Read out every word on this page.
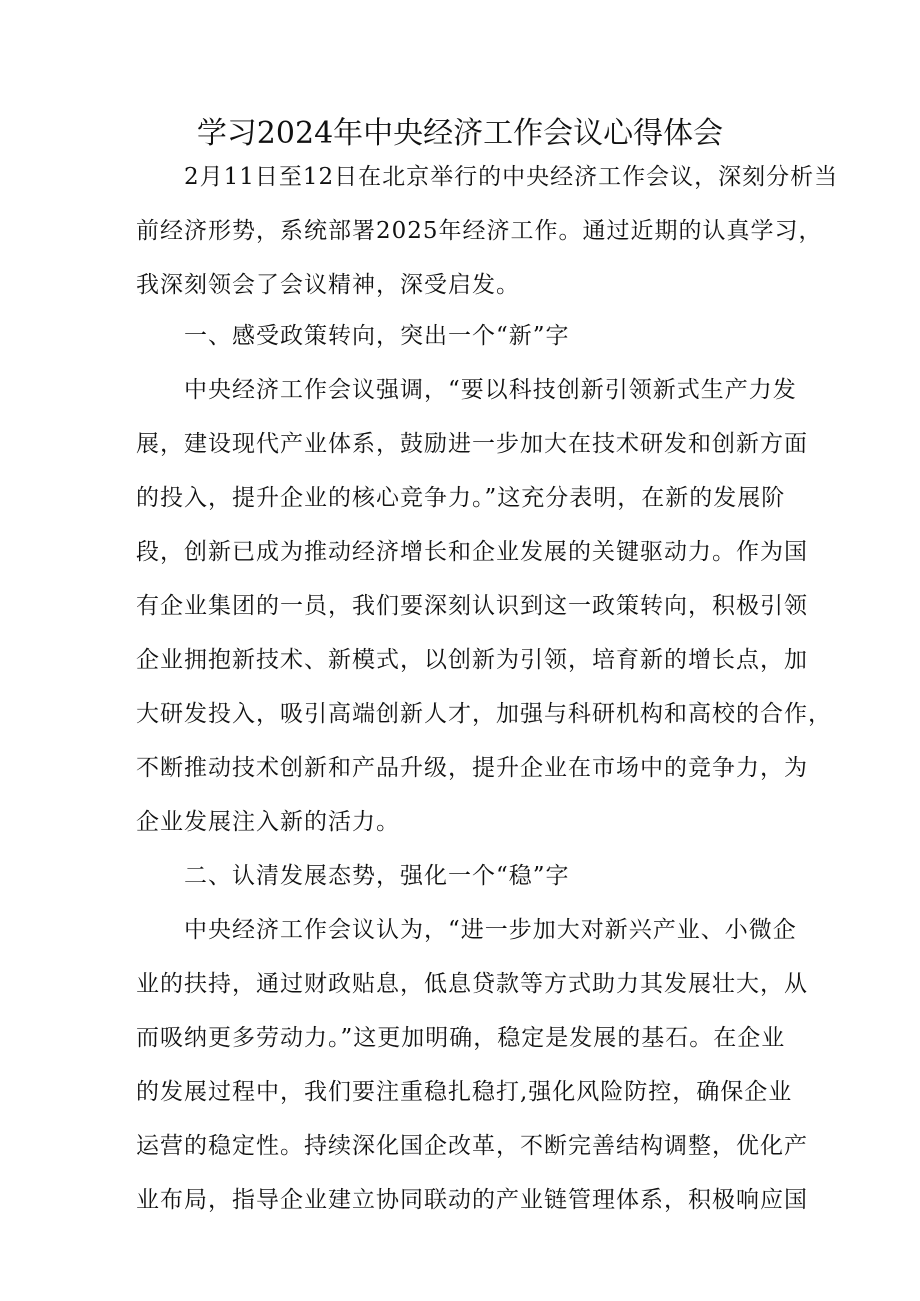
学习2024年中央经济工作会议心得体会
2月11日至12日在北京举行的中央经济工作会议，深刻分析当
前经济形势，系统部署2025年经济工作。通过近期的认真学习，
我深刻领会了会议精神，深受启发。
一、感受政策转向，突出一个“新”字
中央经济工作会议强调，“要以科技创新引领新式生产力发
展，建设现代产业体系，鼓励进一步加大在技术研发和创新方面
的投入，提升企业的核心竞争力。”这充分表明，在新的发展阶
段，创新已成为推动经济增长和企业发展的关键驱动力。作为国
有企业集团的一员，我们要深刻认识到这一政策转向，积极引领
企业拥抱新技术、新模式，以创新为引领，培育新的增长点，加
大研发投入，吸引高端创新人才，加强与科研机构和高校的合作，
不断推动技术创新和产品升级，提升企业在市场中的竞争力，为
企业发展注入新的活力。
二、认清发展态势，强化一个“稳”字
中央经济工作会议认为，“进一步加大对新兴产业、小微企
业的扶持，通过财政贴息，低息贷款等方式助力其发展壮大，从
而吸纳更多劳动力。”这更加明确，稳定是发展的基石。在企业
的发展过程中，我们要注重稳扎稳打,强化风险防控，确保企业
运营的稳定性。持续深化国企改革，不断完善结构调整，优化产
业布局，指导企业建立协同联动的产业链管理体系，积极响应国
